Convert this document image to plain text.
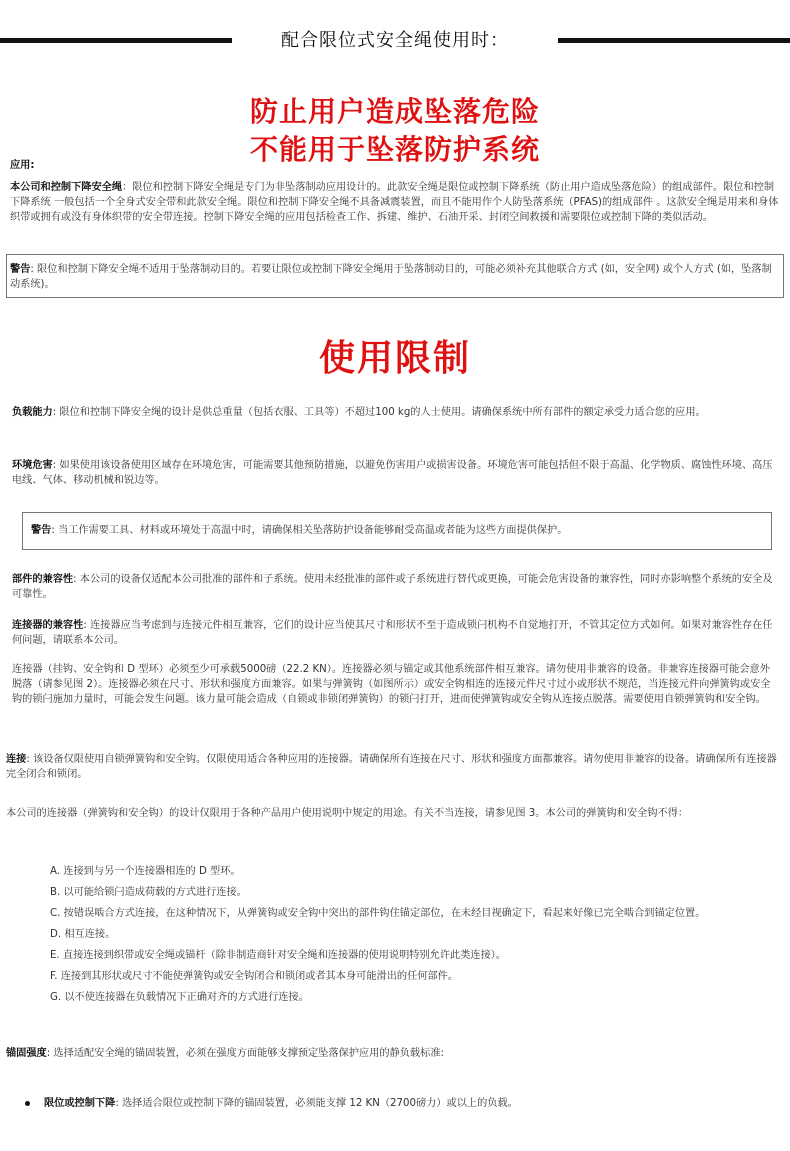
配合限位式安全绳使用时：
防止用户造成坠落危险
不能用于坠落防护系统
应用:
本公司和控制下降安全绳：限位和控制下降安全绳是专门为非坠落制动应用设计的。此款安全绳是限位或控制下降系统（防止用户造成坠落危险）的组成部件。限位和控制下降系统 一般包括一个全身式安全带和此款安全绳。限位和控制下降安全绳不具备减震装置，而且不能用作个人防坠落系统（PFAS)的组成部件 。这款安全绳是用来和身体织带或拥有或没有身体织带的安全带连接。控制下降安全绳的应用包括检查工作、拆建、维护、石油开采、封闭空间救援和需要限位或控制下降的类似活动。
警告: 限位和控制下降安全绳不适用于坠落制动目的。若要让限位或控制下降安全绳用于坠落制动目的，可能必须补充其他联合方式 (如，安全网) 或个人方式 (如，坠落制动系统)。
使用限制
负载能力: 限位和控制下降安全绳的设计是供总重量（包括衣服、工具等）不超过100 kg的人士使用。请确保系统中所有部件的额定承受力适合您的应用。
环境危害: 如果使用该设备使用区域存在环境危害，可能需要其他预防措施，以避免伤害用户或损害设备。环境危害可能包括但不限于高温、化学物质、腐蚀性环境、高压电线、气体、移动机械和锐边等。
警告: 当工作需要工具、材料或环境处于高温中时，请确保相关坠落防护设备能够耐受高温或者能为这些方面提供保护。
部件的兼容性: 本公司的设备仅适配本公司批准的部件和子系统。使用未经批准的部件或子系统进行替代或更换，可能会危害设备的兼容性，同时亦影响整个系统的安全及可靠性。
连接器的兼容性: 连接器应当考虑到与连接元件相互兼容，它们的设计应当使其尺寸和形状不至于造成锁闩机构不自觉地打开，不管其定位方式如何。如果对兼容性存在任何问题，请联系本公司。
连接器（挂钩、安全钩和 D 型环）必须至少可承载5000磅（22.2 KN）。连接器必须与锚定或其他系统部件相互兼容。请勿使用非兼容的设备。非兼容连接器可能会意外脱落（请参见图 2）。连接器必须在尺寸、形状和强度方面兼容。如果与弹簧钩（如图所示）或安全钩相连的连接元件尺寸过小或形状不规范，当连接元件向弹簧钩或安全钩的锁闩施加力量时，可能会发生问题。该力量可能会造成（自锁或非锁闭弹簧钩）的锁闩打开，进而使弹簧钩或安全钩从连接点脱落。需要使用自锁弹簧钩和安全钩。
连接: 该设备仅限使用自锁弹簧钩和安全钩。仅限使用适合各种应用的连接器。请确保所有连接在尺寸、形状和强度方面都兼容。请勿使用非兼容的设备。请确保所有连接器完全闭合和锁闭。
本公司的连接器（弹簧钩和安全钩）的设计仅限用于各种产品用户使用说明中规定的用途。有关不当连接，请参见图 3。本公司的弹簧钩和安全钩不得：
A. 连接到与另一个连接器相连的 D 型环。
B. 以可能给锁闩造成荷载的方式进行连接。
C. 按错误啮合方式连接，在这种情况下，从弹簧钩或安全钩中突出的部件钩住锚定部位，在未经目视确定下，看起来好像已完全啮合到锚定位置。
D. 相互连接。
E. 直接连接到织带或安全绳或锚杆（除非制造商针对安全绳和连接器的使用说明特别允许此类连接）。
F. 连接到其形状或尺寸不能使弹簧钩或安全钩闭合和锁闭或者其本身可能滑出的任何部件。
G. 以不使连接器在负载情况下正确对齐的方式进行连接。
锚固强度: 选择适配安全绳的锚固装置，必须在强度方面能够支撑预定坠落保护应用的静负载标准:
限位或控制下降: 选择适合限位或控制下降的锚固装置，必须能支撑 12 KN（2700磅力）或以上的负载。
